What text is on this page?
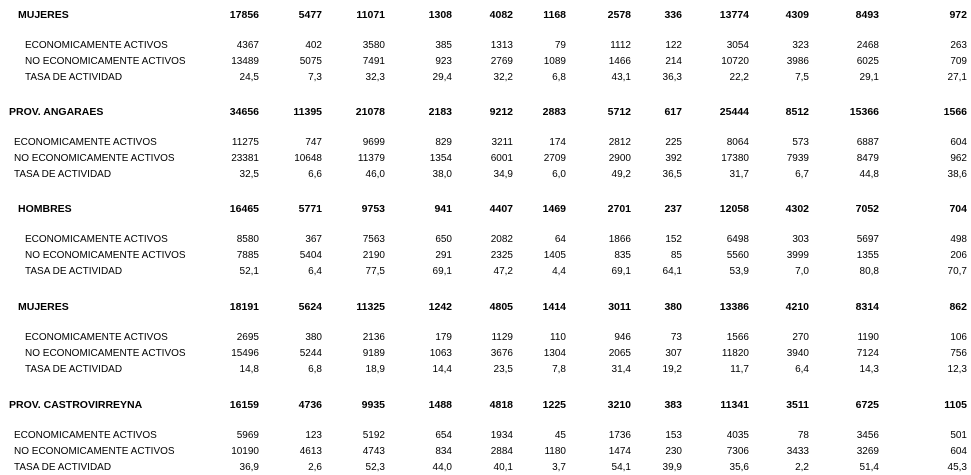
MUJERES	17856	5477	11071	1308	4082	1168	2578	336	13774	4309	8493	972
ECONOMICAMENTE ACTIVOS	4367	402	3580	385	1313	79	1112	122	3054	323	2468	263
NO ECONOMICAMENTE ACTIVOS	13489	5075	7491	923	2769	1089	1466	214	10720	3986	6025	709
TASA DE ACTIVIDAD	24,5	7,3	32,3	29,4	32,2	6,8	43,1	36,3	22,2	7,5	29,1	27,1
PROV. ANGARAES	34656	11395	21078	2183	9212	2883	5712	617	25444	8512	15366	1566
ECONOMICAMENTE ACTIVOS	11275	747	9699	829	3211	174	2812	225	8064	573	6887	604
NO ECONOMICAMENTE ACTIVOS	23381	10648	11379	1354	6001	2709	2900	392	17380	7939	8479	962
TASA DE ACTIVIDAD	32,5	6,6	46,0	38,0	34,9	6,0	49,2	36,5	31,7	6,7	44,8	38,6
HOMBRES	16465	5771	9753	941	4407	1469	2701	237	12058	4302	7052	704
ECONOMICAMENTE ACTIVOS	8580	367	7563	650	2082	64	1866	152	6498	303	5697	498
NO ECONOMICAMENTE ACTIVOS	7885	5404	2190	291	2325	1405	835	85	5560	3999	1355	206
TASA DE ACTIVIDAD	52,1	6,4	77,5	69,1	47,2	4,4	69,1	64,1	53,9	7,0	80,8	70,7
MUJERES	18191	5624	11325	1242	4805	1414	3011	380	13386	4210	8314	862
ECONOMICAMENTE ACTIVOS	2695	380	2136	179	1129	110	946	73	1566	270	1190	106
NO ECONOMICAMENTE ACTIVOS	15496	5244	9189	1063	3676	1304	2065	307	11820	3940	7124	756
TASA DE ACTIVIDAD	14,8	6,8	18,9	14,4	23,5	7,8	31,4	19,2	11,7	6,4	14,3	12,3
PROV. CASTROVIRREYNA	16159	4736	9935	1488	4818	1225	3210	383	11341	3511	6725	1105
ECONOMICAMENTE ACTIVOS	5969	123	5192	654	1934	45	1736	153	4035	78	3456	501
NO ECONOMICAMENTE ACTIVOS	10190	4613	4743	834	2884	1180	1474	230	7306	3433	3269	604
TASA DE ACTIVIDAD	36,9	2,6	52,3	44,0	40,1	3,7	54,1	39,9	35,6	2,2	51,4	45,3
